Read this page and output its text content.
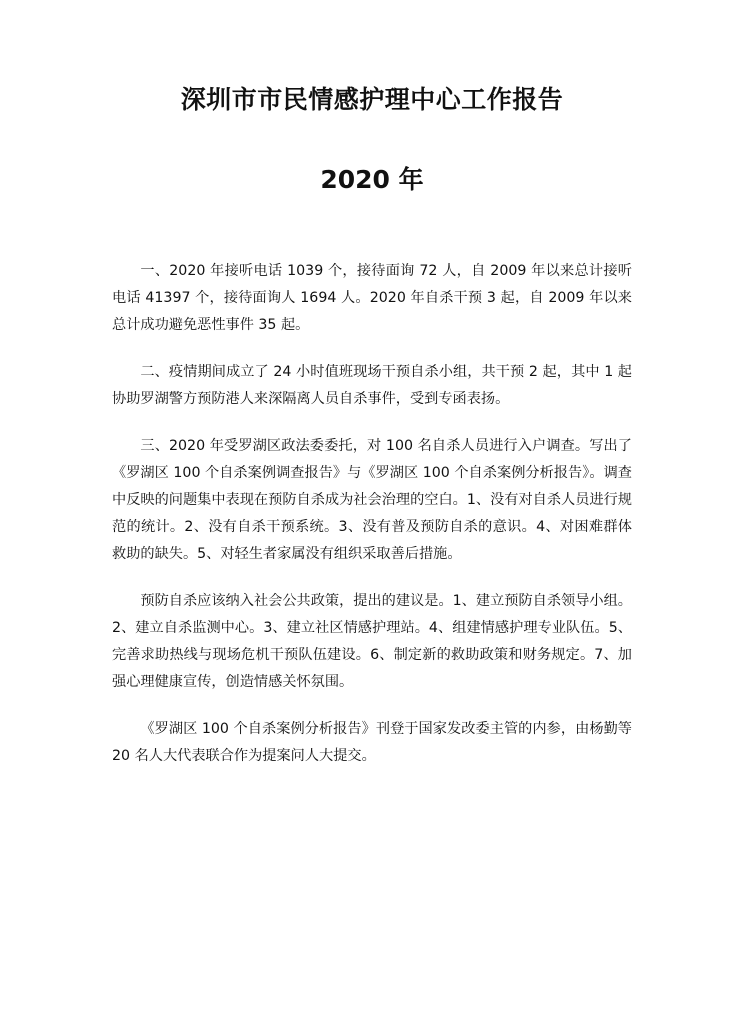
深圳市市民情感护理中心工作报告
2020 年

一、2020 年接听电话 1039 个，接待面询 72 人，自 2009 年以来总计接听电话 41397 个，接待面询人 1694 人。2020 年自杀干预 3 起，自 2009 年以来总计成功避免恶性事件 35 起。

二、疫情期间成立了 24 小时值班现场干预自杀小组，共干预 2 起，其中 1 起协助罗湖警方预防港人来深隔离人员自杀事件，受到专函表扬。

三、2020 年受罗湖区政法委委托，对 100 名自杀人员进行入户调查。写出了《罗湖区 100 个自杀案例调查报告》与《罗湖区 100 个自杀案例分析报告》。调查中反映的问题集中表现在预防自杀成为社会治理的空白。1、没有对自杀人员进行规范的统计。2、没有自杀干预系统。3、没有普及预防自杀的意识。4、对困难群体救助的缺失。5、对轻生者家属没有组织采取善后措施。

预防自杀应该纳入社会公共政策，提出的建议是。1、建立预防自杀领导小组。2、建立自杀监测中心。3、建立社区情感护理站。4、组建情感护理专业队伍。5、完善求助热线与现场危机干预队伍建设。6、制定新的救助政策和财务规定。7、加强心理健康宣传，创造情感关怀氛围。

《罗湖区 100 个自杀案例分析报告》刊登于国家发改委主管的内参，由杨勤等 20 名人大代表联合作为提案问人大提交。
